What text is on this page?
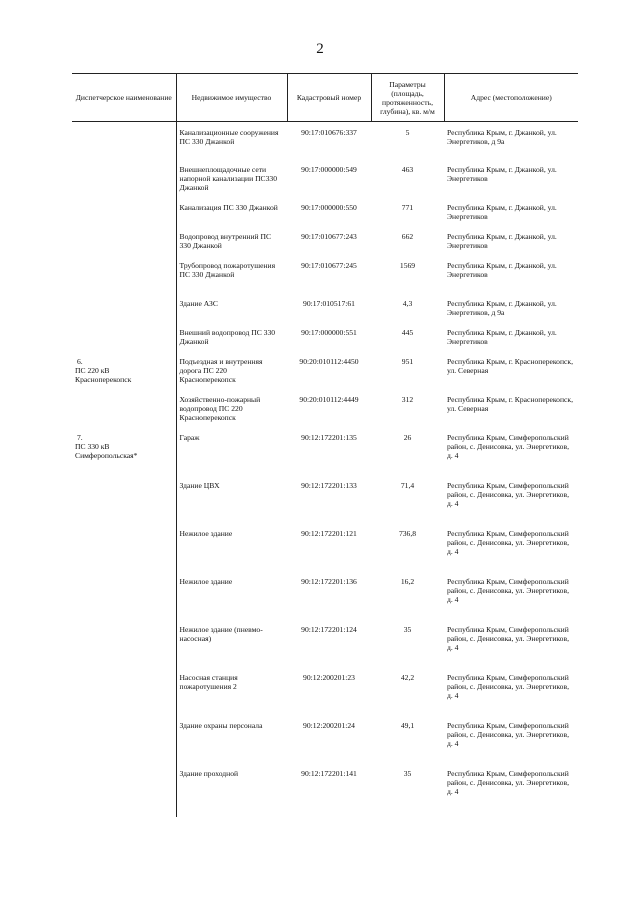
2
Диспетчерское наименование	Недвижимое имущество	Кадастровый номер	Параметры (площадь, протяженность, глубина), кв. м/м	Адрес (местоположение)

	Канализационные сооружения ПС 330 Джанкой	90:17:010676:337	5	Республика Крым, г. Джанкой, ул. Энергетиков, д 9а
	Внешнеплощадочные сети напорной канализации ПС330 Джанкой	90:17:000000:549	463	Республика Крым, г. Джанкой, ул. Энергетиков
	Канализация ПС 330 Джанкой	90:17:000000:550	771	Республика Крым, г. Джанкой, ул. Энергетиков
	Водопровод внутренний ПС 330 Джанкой	90:17:010677:243	662	Республика Крым, г. Джанкой, ул. Энергетиков
	Трубопровод пожаротушения ПС 330 Джанкой	90:17:010677:245	1569	Республика Крым, г. Джанкой, ул. Энергетиков
	Здание АЗС	90:17:010517:61	4,3	Республика Крым, г. Джанкой, ул. Энергетиков, д 9а
	Внешний водопровод ПС 330 Джанкой	90:17:000000:551	445	Республика Крым, г. Джанкой, ул. Энергетиков
6.ПС 220 кВ Красноперекопск	Подъездная и внутренняя дорога ПС 220 Красноперекопск	90:20:010112:4450	951	Республика Крым, г. Красноперекопск, ул. Северная
	Хозяйственно-пожарный водопровод ПС 220 Красноперекопск	90:20:010112:4449	312	Республика Крым, г. Красноперекопск, ул. Северная
7.ПС 330 кВ Симферопольская*	Гараж	90:12:172201:135	26	Республика Крым, Симферопольский район, с. Денисовка, ул. Энергетиков, д. 4
	Здание ЦВХ	90:12:172201:133	71,4	Республика Крым, Симферопольский район, с. Денисовка, ул. Энергетиков, д. 4
	Нежилое здание	90:12:172201:121	736,8	Республика Крым, Симферопольский район, с. Денисовка, ул. Энергетиков, д. 4
	Нежилое здание	90:12:172201:136	16,2	Республика Крым, Симферопольский район, с. Денисовка, ул. Энергетиков, д. 4
	Нежилое здание (пневмо-насосная)	90:12:172201:124	35	Республика Крым, Симферопольский район, с. Денисовка, ул. Энергетиков, д. 4
	Насосная станция пожаротушения 2	90:12:200201:23	42,2	Республика Крым, Симферопольский район, с. Денисовка, ул. Энергетиков, д. 4
	Здание охраны персонала	90:12:200201:24	49,1	Республика Крым, Симферопольский район, с. Денисовка, ул. Энергетиков, д. 4
	Здание проходной	90:12:172201:141	35	Республика Крым, Симферопольский район, с. Денисовка, ул. Энергетиков, д. 4
